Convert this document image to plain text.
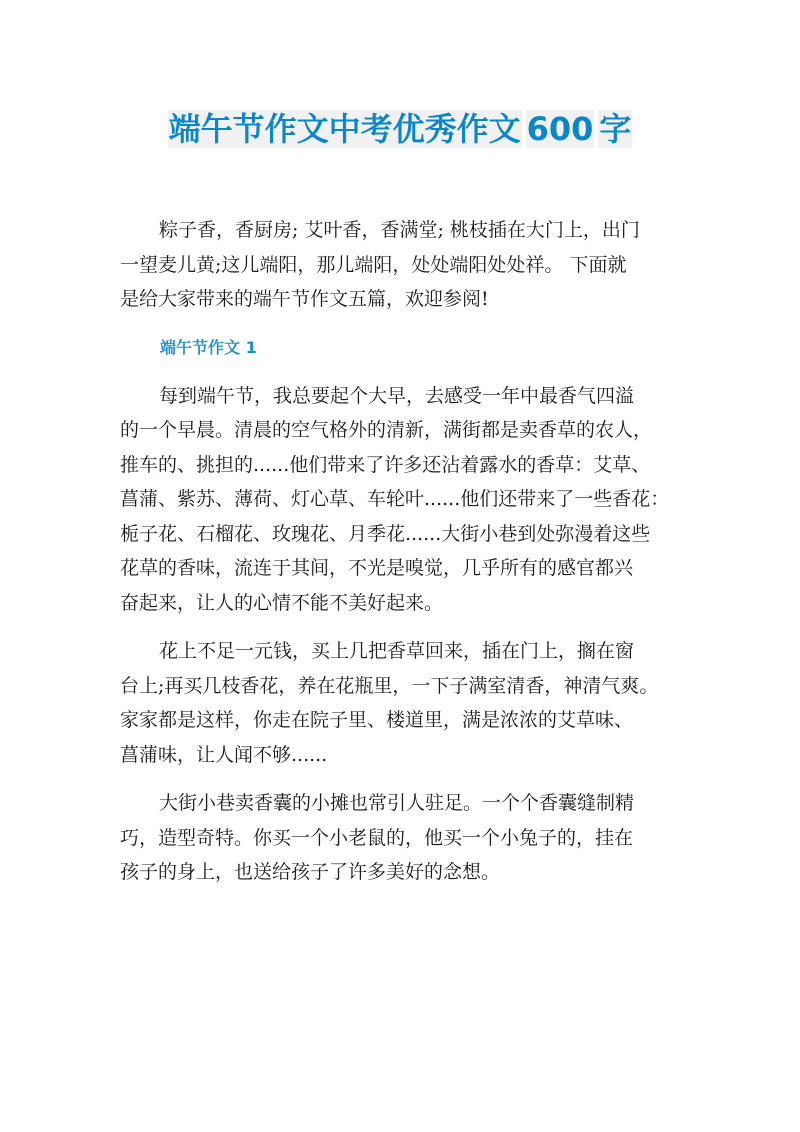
端午节作文中考优秀作文 600 字
粽子香，香厨房; 艾叶香，香满堂; 桃枝插在大门上，出门
一望麦儿黄;这儿端阳，那儿端阳，处处端阳处处祥。 下面就
是给大家带来的端午节作文五篇，欢迎参阅!
端午节作文 1
每到端午节，我总要起个大早，去感受一年中最香气四溢
的一个早晨。清晨的空气格外的清新，满街都是卖香草的农人，
推车的、挑担的......他们带来了许多还沾着露水的香草：艾草、
菖蒲、紫苏、薄荷、灯心草、车轮叶......他们还带来了一些香花：
栀子花、石榴花、玫瑰花、月季花......大街小巷到处弥漫着这些
花草的香味，流连于其间，不光是嗅觉，几乎所有的感官都兴
奋起来，让人的心情不能不美好起来。
花上不足一元钱，买上几把香草回来，插在门上，搁在窗
台上;再买几枝香花，养在花瓶里，一下子满室清香，神清气爽。
家家都是这样，你走在院子里、楼道里，满是浓浓的艾草味、
菖蒲味，让人闻不够......
大街小巷卖香囊的小摊也常引人驻足。一个个香囊缝制精
巧，造型奇特。你买一个小老鼠的，他买一个小兔子的，挂在
孩子的身上，也送给孩子了许多美好的念想。
